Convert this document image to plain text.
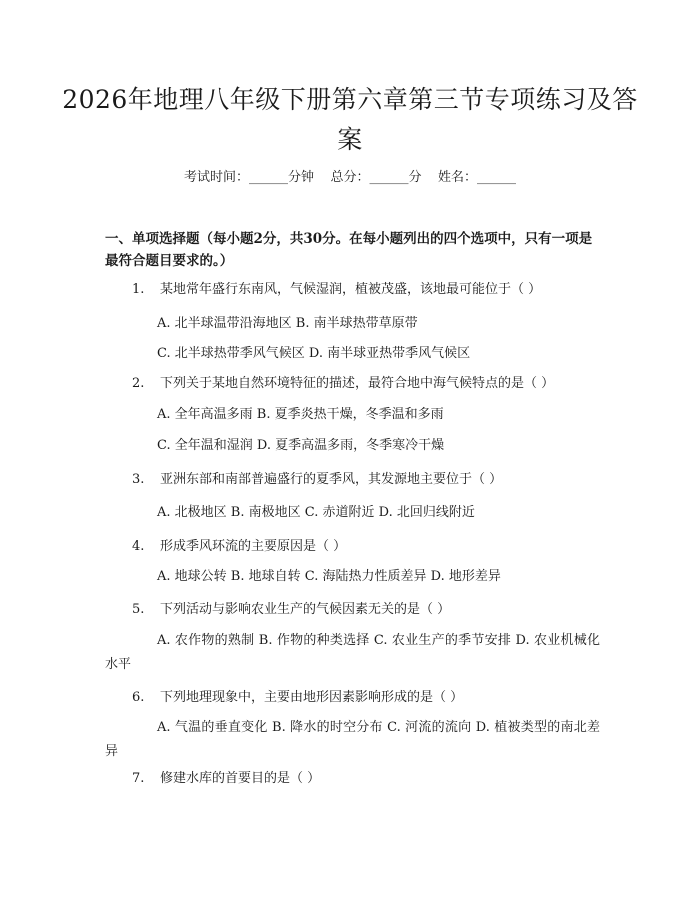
2026年地理八年级下册第六章第三节专项练习及答案
考试时间：______分钟    总分：______分    姓名：______
一、单项选择题（每小题2分，共30分。在每小题列出的四个选项中，只有一项是最符合题目要求的。）
1. 某地常年盛行东南风，气候湿润，植被茂盛，该地最可能位于（ ）
A. 北半球温带沿海地区 B. 南半球热带草原带
C. 北半球热带季风气候区 D. 南半球亚热带季风气候区
2. 下列关于某地自然环境特征的描述，最符合地中海气候特点的是（ ）
A. 全年高温多雨 B. 夏季炎热干燥，冬季温和多雨
C. 全年温和湿润 D. 夏季高温多雨，冬季寒冷干燥
3. 亚洲东部和南部普遍盛行的夏季风，其发源地主要位于（ ）
A. 北极地区 B. 南极地区 C. 赤道附近 D. 北回归线附近
4. 形成季风环流的主要原因是（ ）
A. 地球公转 B. 地球自转 C. 海陆热力性质差异 D. 地形差异
5. 下列活动与影响农业生产的气候因素无关的是（ ）
A. 农作物的熟制 B. 作物的种类选择 C. 农业生产的季节安排 D. 农业机械化水平
6. 下列地理现象中，主要由地形因素影响形成的是（ ）
A. 气温的垂直变化 B. 降水的时空分布 C. 河流的流向 D. 植被类型的南北差异
7. 修建水库的首要目的是（ ）
